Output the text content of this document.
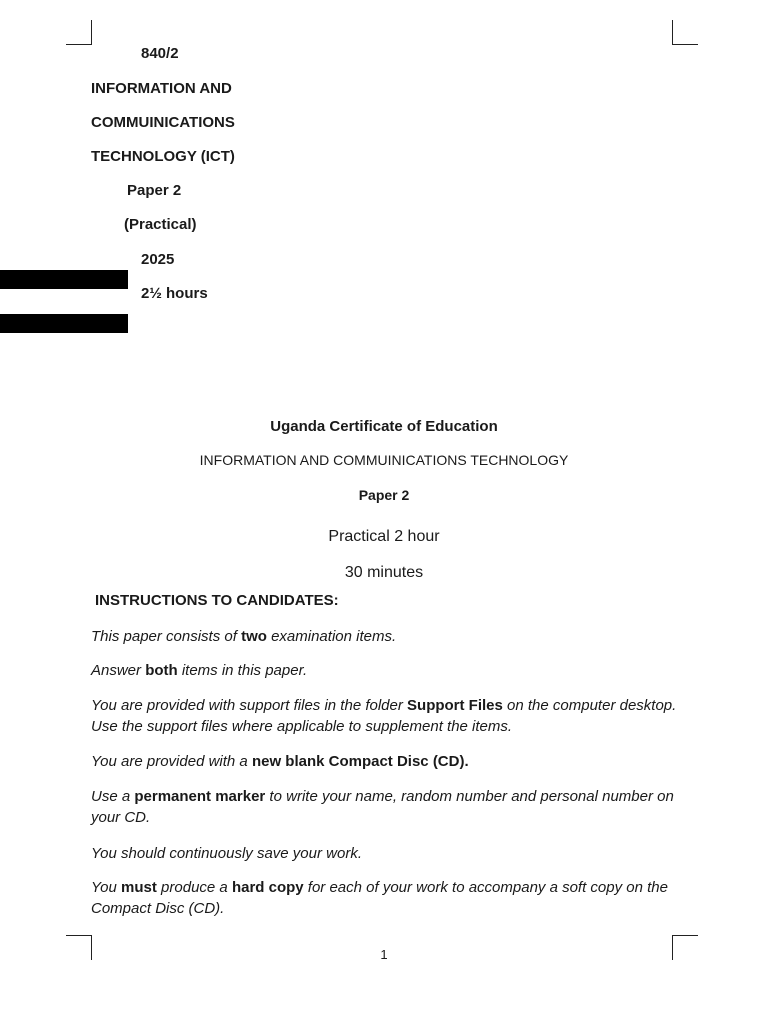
840/2
INFORMATION AND
COMMUINICATIONS
TECHNOLOGY (ICT)
Paper 2
(Practical)
2025
2½ hours
Uganda Certificate of Education
INFORMATION AND COMMUINICATIONS TECHNOLOGY
Paper 2
Practical 2 hour
30 minutes
INSTRUCTIONS TO CANDIDATES:
This paper consists of two examination items.
Answer both items in this paper.
You are provided with support files in the folder Support Files on the computer desktop. Use the support files where applicable to supplement the items.
You are provided with a new blank Compact Disc (CD).
Use a permanent marker to write your name, random number and personal number on your CD.
You should continuously save your work.
You must produce a hard copy for each of your work to accompany a soft copy on the Compact Disc (CD).
1
